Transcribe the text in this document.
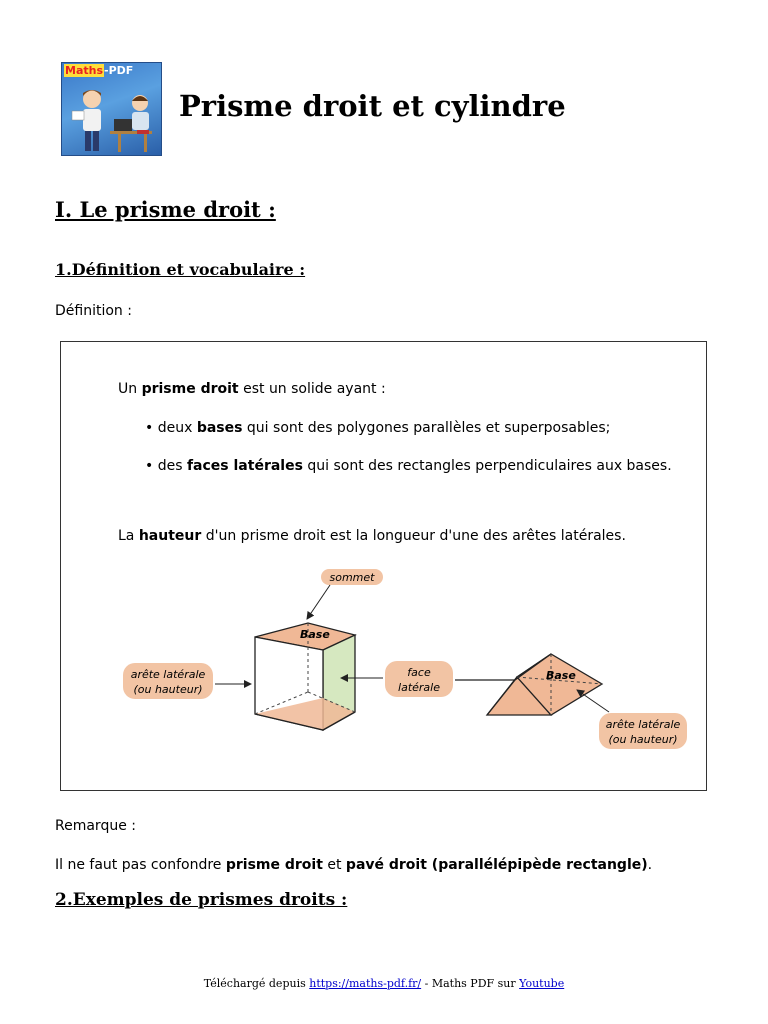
Maths-PDF
Prisme droit et cylindre
I. Le prisme droit :
1.Définition et vocabulaire :
Définition :
Un prisme droit est un solide ayant :
• deux bases qui sont des polygones parallèles et superposables;
• des faces latérales qui sont des rectangles perpendiculaires aux bases.
La hauteur d'un prisme droit est la longueur d'une des arêtes latérales.
Base
sommet
arête latérale
(ou hauteur)
face
latérale
Base
arête latérale
(ou hauteur)
Remarque :
Il ne faut pas confondre prisme droit et pavé droit (parallélépipède rectangle).
2.Exemples de prismes droits :
Téléchargé depuis https://maths-pdf.fr/ - Maths PDF sur Youtube
